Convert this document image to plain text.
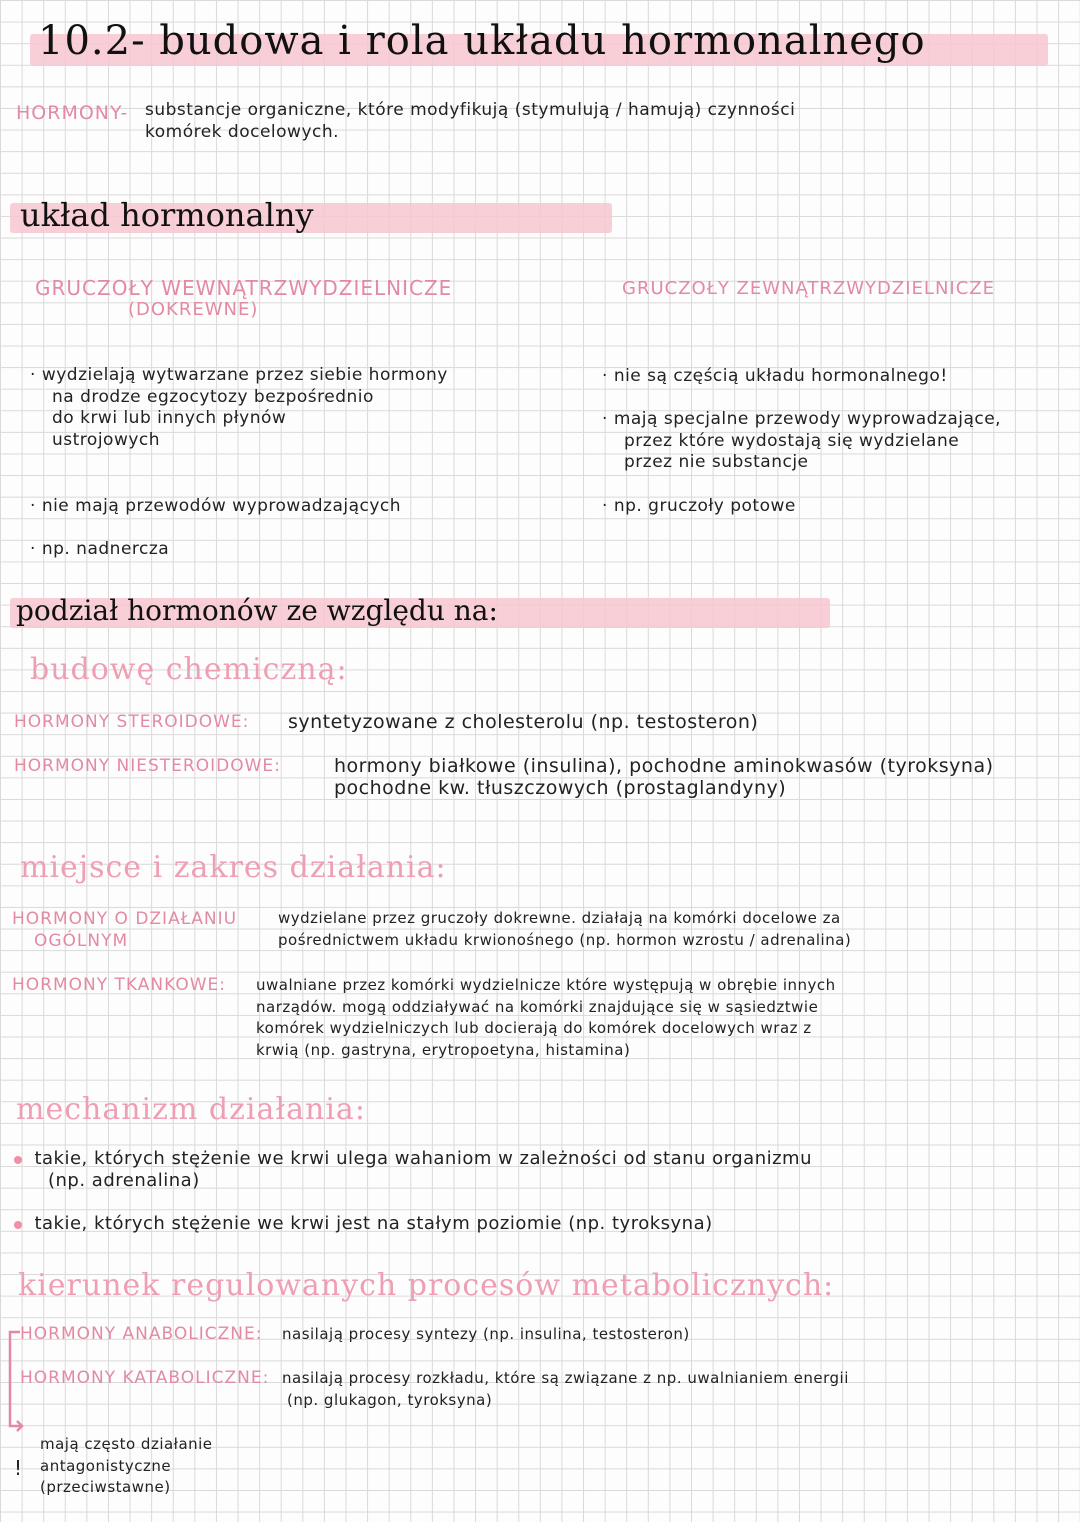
10.2- budowa i rola układu hormonalnego
HORMONY- substancje organiczne, które modyfikują (stymulują / hamują) czynności
komórek docelowych.
układ hormonalny
GRUCZOŁY WEWNĄTRZWYDZIELNICZE
(DOKREWNE)
GRUCZOŁY ZEWNĄTRZWYDZIELNICZE
· wydzielają wytwarzane przez siebie hormony
na drodze egzocytozy bezpośrednio
do krwi lub innych płynów
ustrojowych
· nie mają przewodów wyprowadzających
· np. nadnercza
· nie są częścią układu hormonalnego!
· mają specjalne przewody wyprowadzające,
przez które wydostają się wydzielane
przez nie substancje
· np. gruczoły potowe
podział hormonów ze względu na:
budowę chemiczną:
HORMONY STEROIDOWE: syntetyzowane z cholesterolu (np. testosteron)
HORMONY NIESTEROIDOWE:	hormony białkowe (insulina), pochodne aminokwasów (tyroksyna)
pochodne kw. tłuszczowych (prostaglandyny)
miejsce i zakres działania:
HORMONY O DZIAŁANIU
OGÓLNYM
wydzielane przez gruczoły dokrewne. działają na komórki docelowe za
pośrednictwem układu krwionośnego (np. hormon wzrostu / adrenalina)
HORMONY TKANKOWE: uwalniane przez komórki wydzielnicze które występują w obrębie innych
narządów. mogą oddziaływać na komórki znajdujące się w sąsiedztwie
komórek wydzielniczych lub docierają do komórek docelowych wraz z
krwią (np. gastryna, erytropoetyna, histamina)
mechanizm działania:
takie, których stężenie we krwi ulega wahaniom w zależności od stanu organizmu
(np. adrenalina)
takie, których stężenie we krwi jest na stałym poziomie (np. tyroksyna)
kierunek regulowanych procesów metabolicznych:
HORMONY ANABOLICZNE: nasilają procesy syntezy (np. insulina, testosteron)
HORMONY KATABOLICZNE: nasilają procesy rozkładu, które są związane z np. uwalnianiem energii
(np. glukagon, tyroksyna)
!
mają często działanie
antagonistyczne
(przeciwstawne)
